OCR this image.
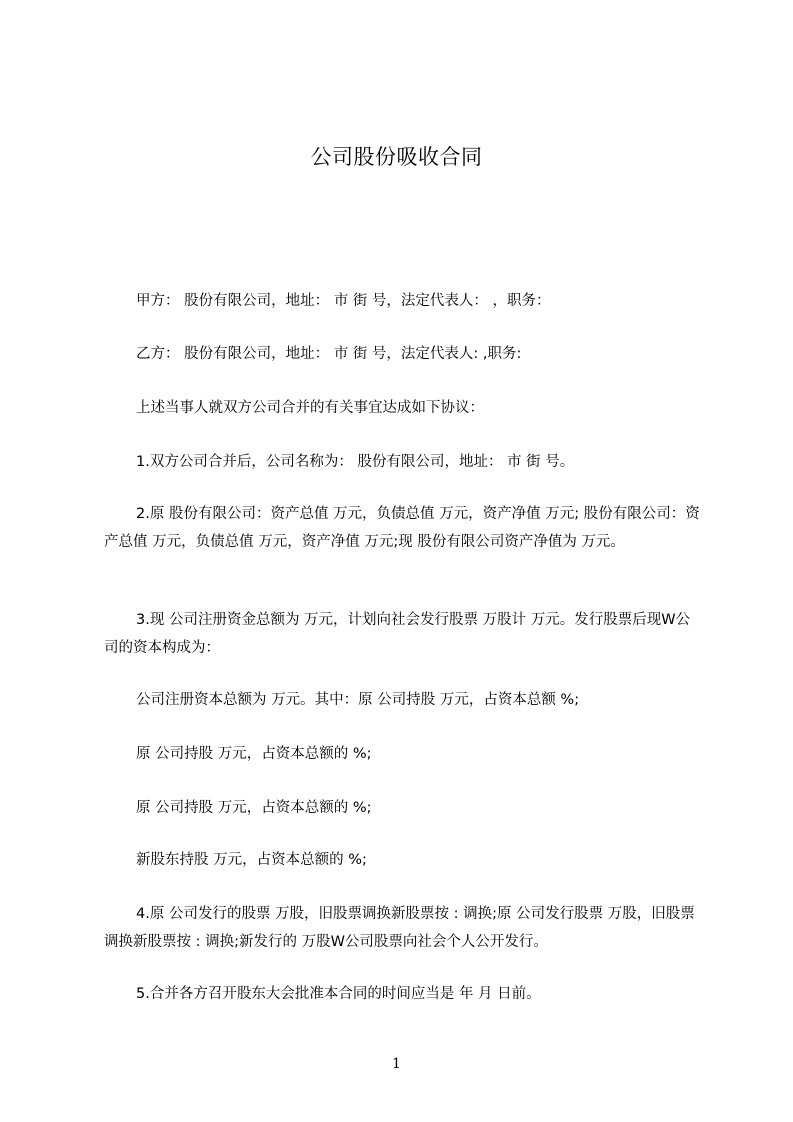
公司股份吸收合同
甲方： 股份有限公司，地址： 市 街 号，法定代表人： ，职务：
乙方： 股份有限公司，地址： 市 街 号，法定代表人: ,职务:
上述当事人就双方公司合并的有关事宜达成如下协议：
1.双方公司合并后，公司名称为： 股份有限公司，地址： 市 街 号。
2.原 股份有限公司：资产总值 万元，负债总值 万元，资产净值 万元; 股份有限公司：资产总值 万元，负债总值 万元，资产净值 万元;现 股份有限公司资产净值为 万元。
3.现 公司注册资金总额为 万元，计划向社会发行股票 万股计 万元。发行股票后现W公司的资本构成为：
公司注册资本总额为 万元。其中：原 公司持股 万元，占资本总额 %;
原 公司持股 万元，占资本总额的 %;
原 公司持股 万元，占资本总额的 %;
新股东持股 万元，占资本总额的 %;
4.原 公司发行的股票 万股，旧股票调换新股票按 : 调换;原 公司发行股票 万股，旧股票调换新股票按 : 调换;新发行的 万股W公司股票向社会个人公开发行。
5.合并各方召开股东大会批准本合同的时间应当是 年 月 日前。
1
